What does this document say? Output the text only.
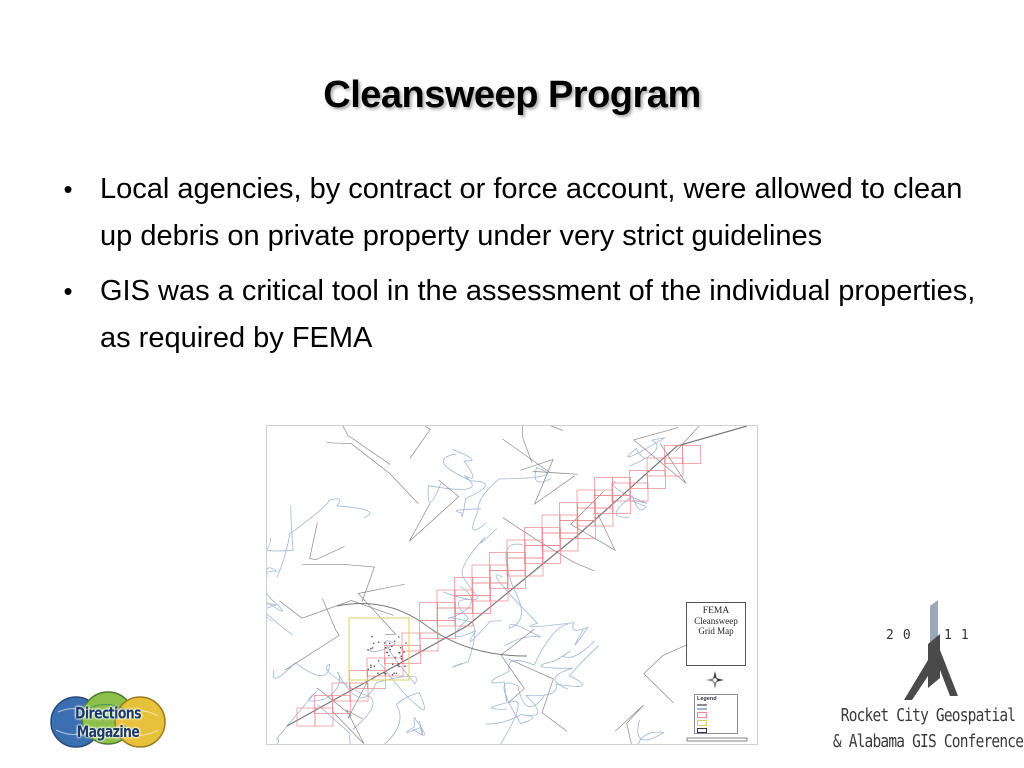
Cleansweep Program
• Local agencies, by contract or force account, were allowed to clean up debris on private property under very strict guidelines
• GIS was a critical tool in the assessment of the individual properties, as required by FEMA
FEMA
Cleansweep
Grid Map
Legend
Directions Magazine
20 11
Rocket City Geospatial
& Alabama GIS Conference
